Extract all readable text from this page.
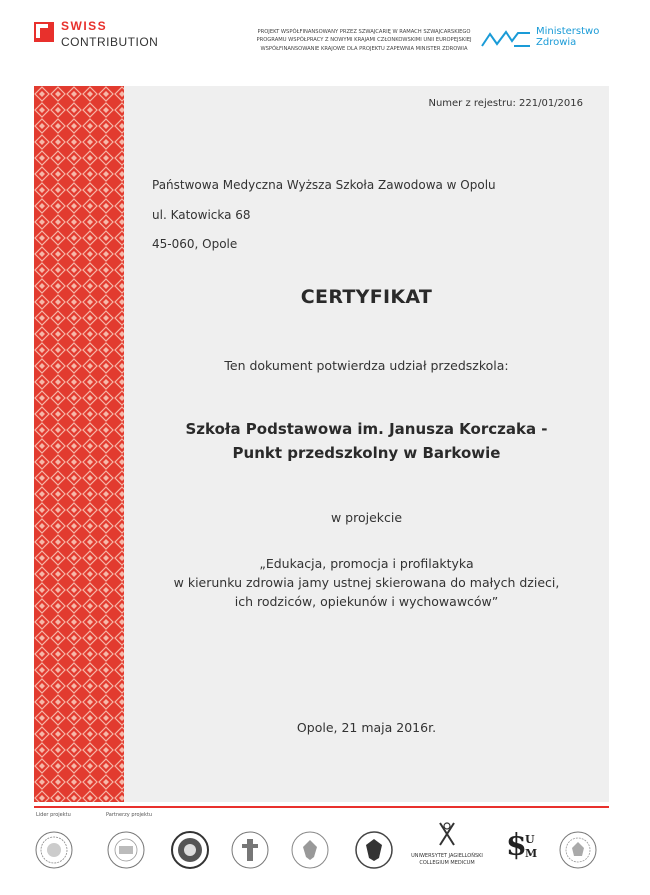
SWISS
CONTRIBUTION
PROJEKT WSPÓŁFINANSOWANY PRZEZ SZWAJCARIĘ W RAMACH SZWAJCARSKIEGO
PROGRAMU WSPÓŁPRACY Z NOWYMI KRAJAMI CZŁONKOWSKIMI UNII EUROPEJSKIEJ
WSPÓŁFINANSOWANIE KRAJOWE DLA PROJEKTU ZAPEWNIA MINISTER ZDROWIA
Ministerstwo
Zdrowia
Numer z rejestru: 221/01/2016
Państwowa Medyczna Wyższa Szkoła Zawodowa w Opolu
ul. Katowicka 68
45-060, Opole
CERTYFIKAT
Ten dokument potwierdza udział przedszkola:
Szkoła Podstawowa im. Janusza Korczaka -
Punkt przedszkolny w Barkowie
w projekcie
„Edukacja, promocja i profilaktyka
w kierunku zdrowia jamy ustnej skierowana do małych dzieci,
ich rodziców, opiekunów i wychowawców”
Opole, 21 maja 2016r.
Lider projektu	Partnerzy projektu
UNIWERSYTET JAGIELLOŃSKI
COLLEGIUM MEDICUM	$
U
M
